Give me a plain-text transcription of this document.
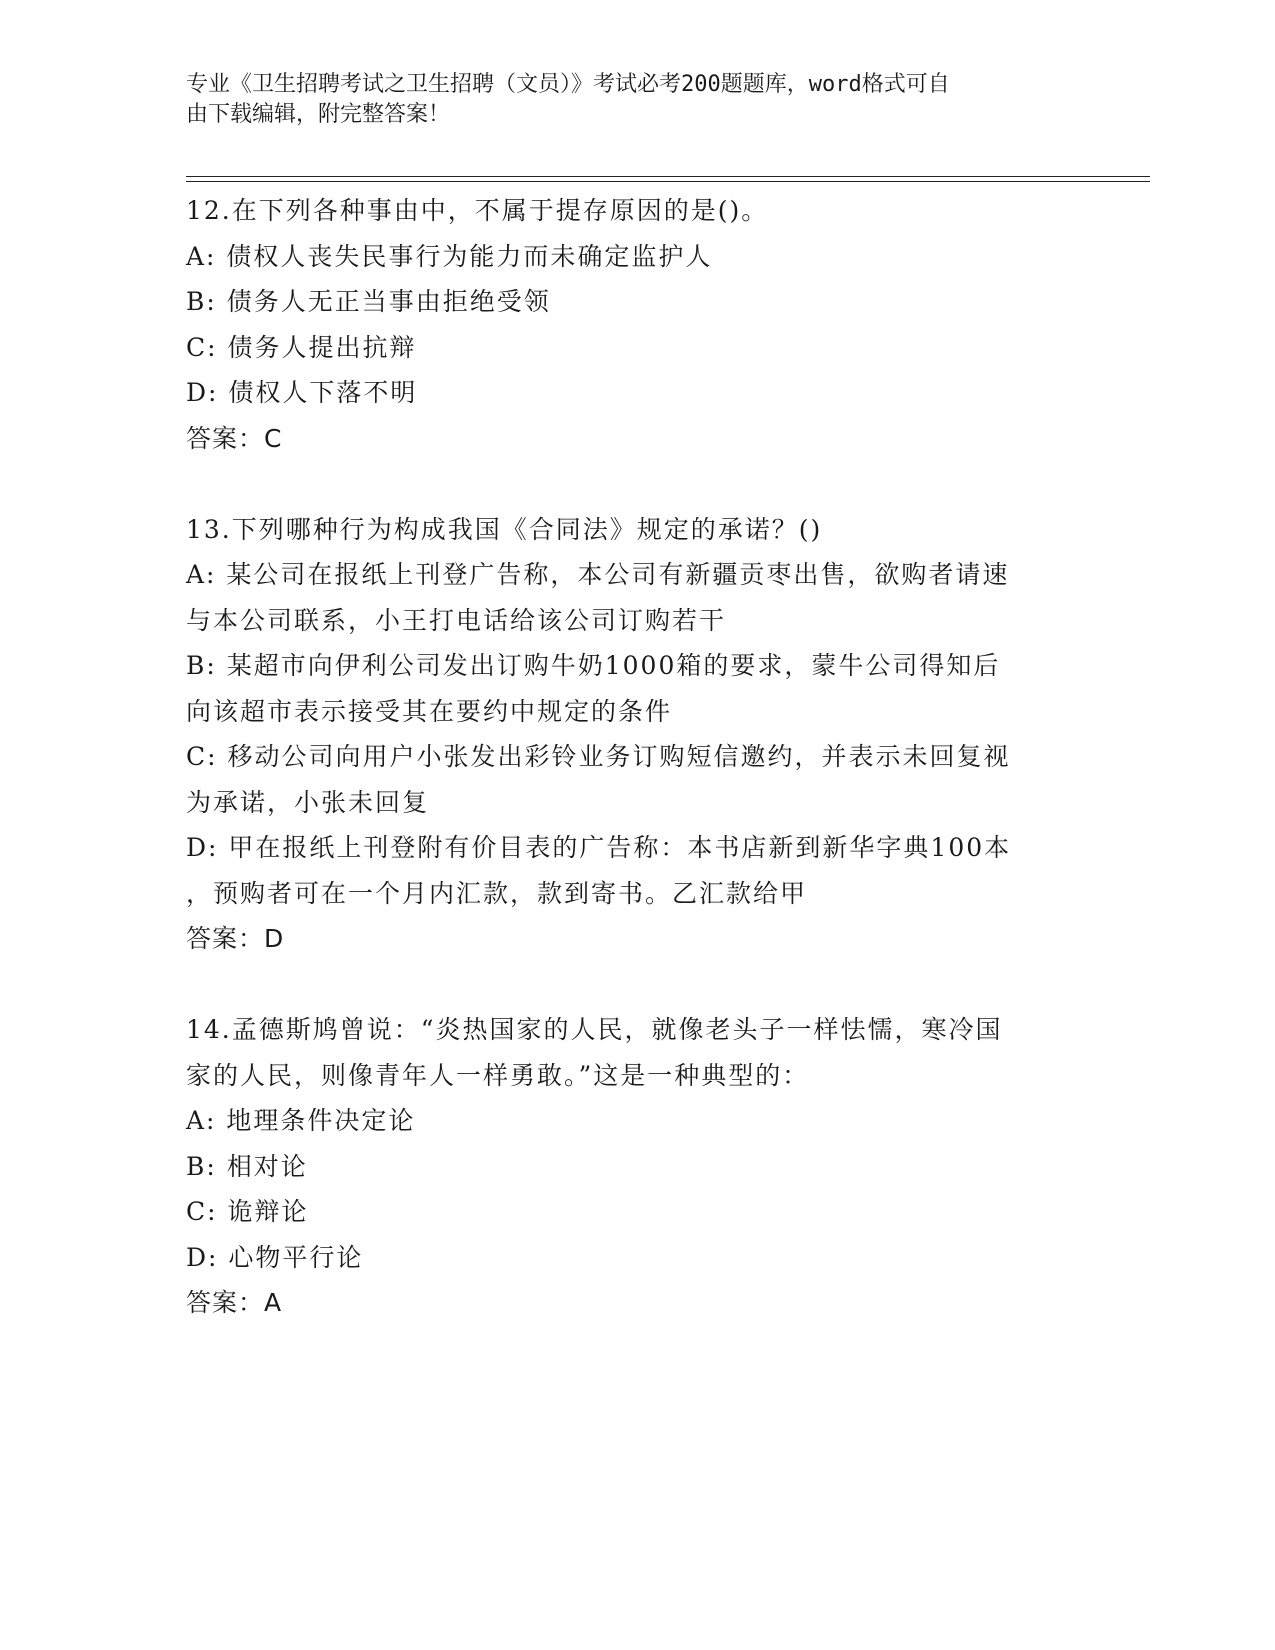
专业《卫生招聘考试之卫生招聘（文员）》考试必考200题题库，word格式可自
由下载编辑，附完整答案！
12.在下列各种事由中，不属于提存原因的是()。
A: 债权人丧失民事行为能力而未确定监护人
B: 债务人无正当事由拒绝受领
C: 债务人提出抗辩
D: 债权人下落不明
答案：C
13.下列哪种行为构成我国《合同法》规定的承诺？()
A: 某公司在报纸上刊登广告称，本公司有新疆贡枣出售，欲购者请速
与本公司联系，小王打电话给该公司订购若干
B: 某超市向伊利公司发出订购牛奶1000箱的要求，蒙牛公司得知后
向该超市表示接受其在要约中规定的条件
C: 移动公司向用户小张发出彩铃业务订购短信邀约，并表示未回复视
为承诺，小张未回复
D: 甲在报纸上刊登附有价目表的广告称：本书店新到新华字典100本
，预购者可在一个月内汇款，款到寄书。乙汇款给甲
答案：D
14.孟德斯鸠曾说：“炎热国家的人民，就像老头子一样怯懦，寒冷国
家的人民，则像青年人一样勇敢。”这是一种典型的：
A: 地理条件决定论
B: 相对论
C: 诡辩论
D: 心物平行论
答案：A
